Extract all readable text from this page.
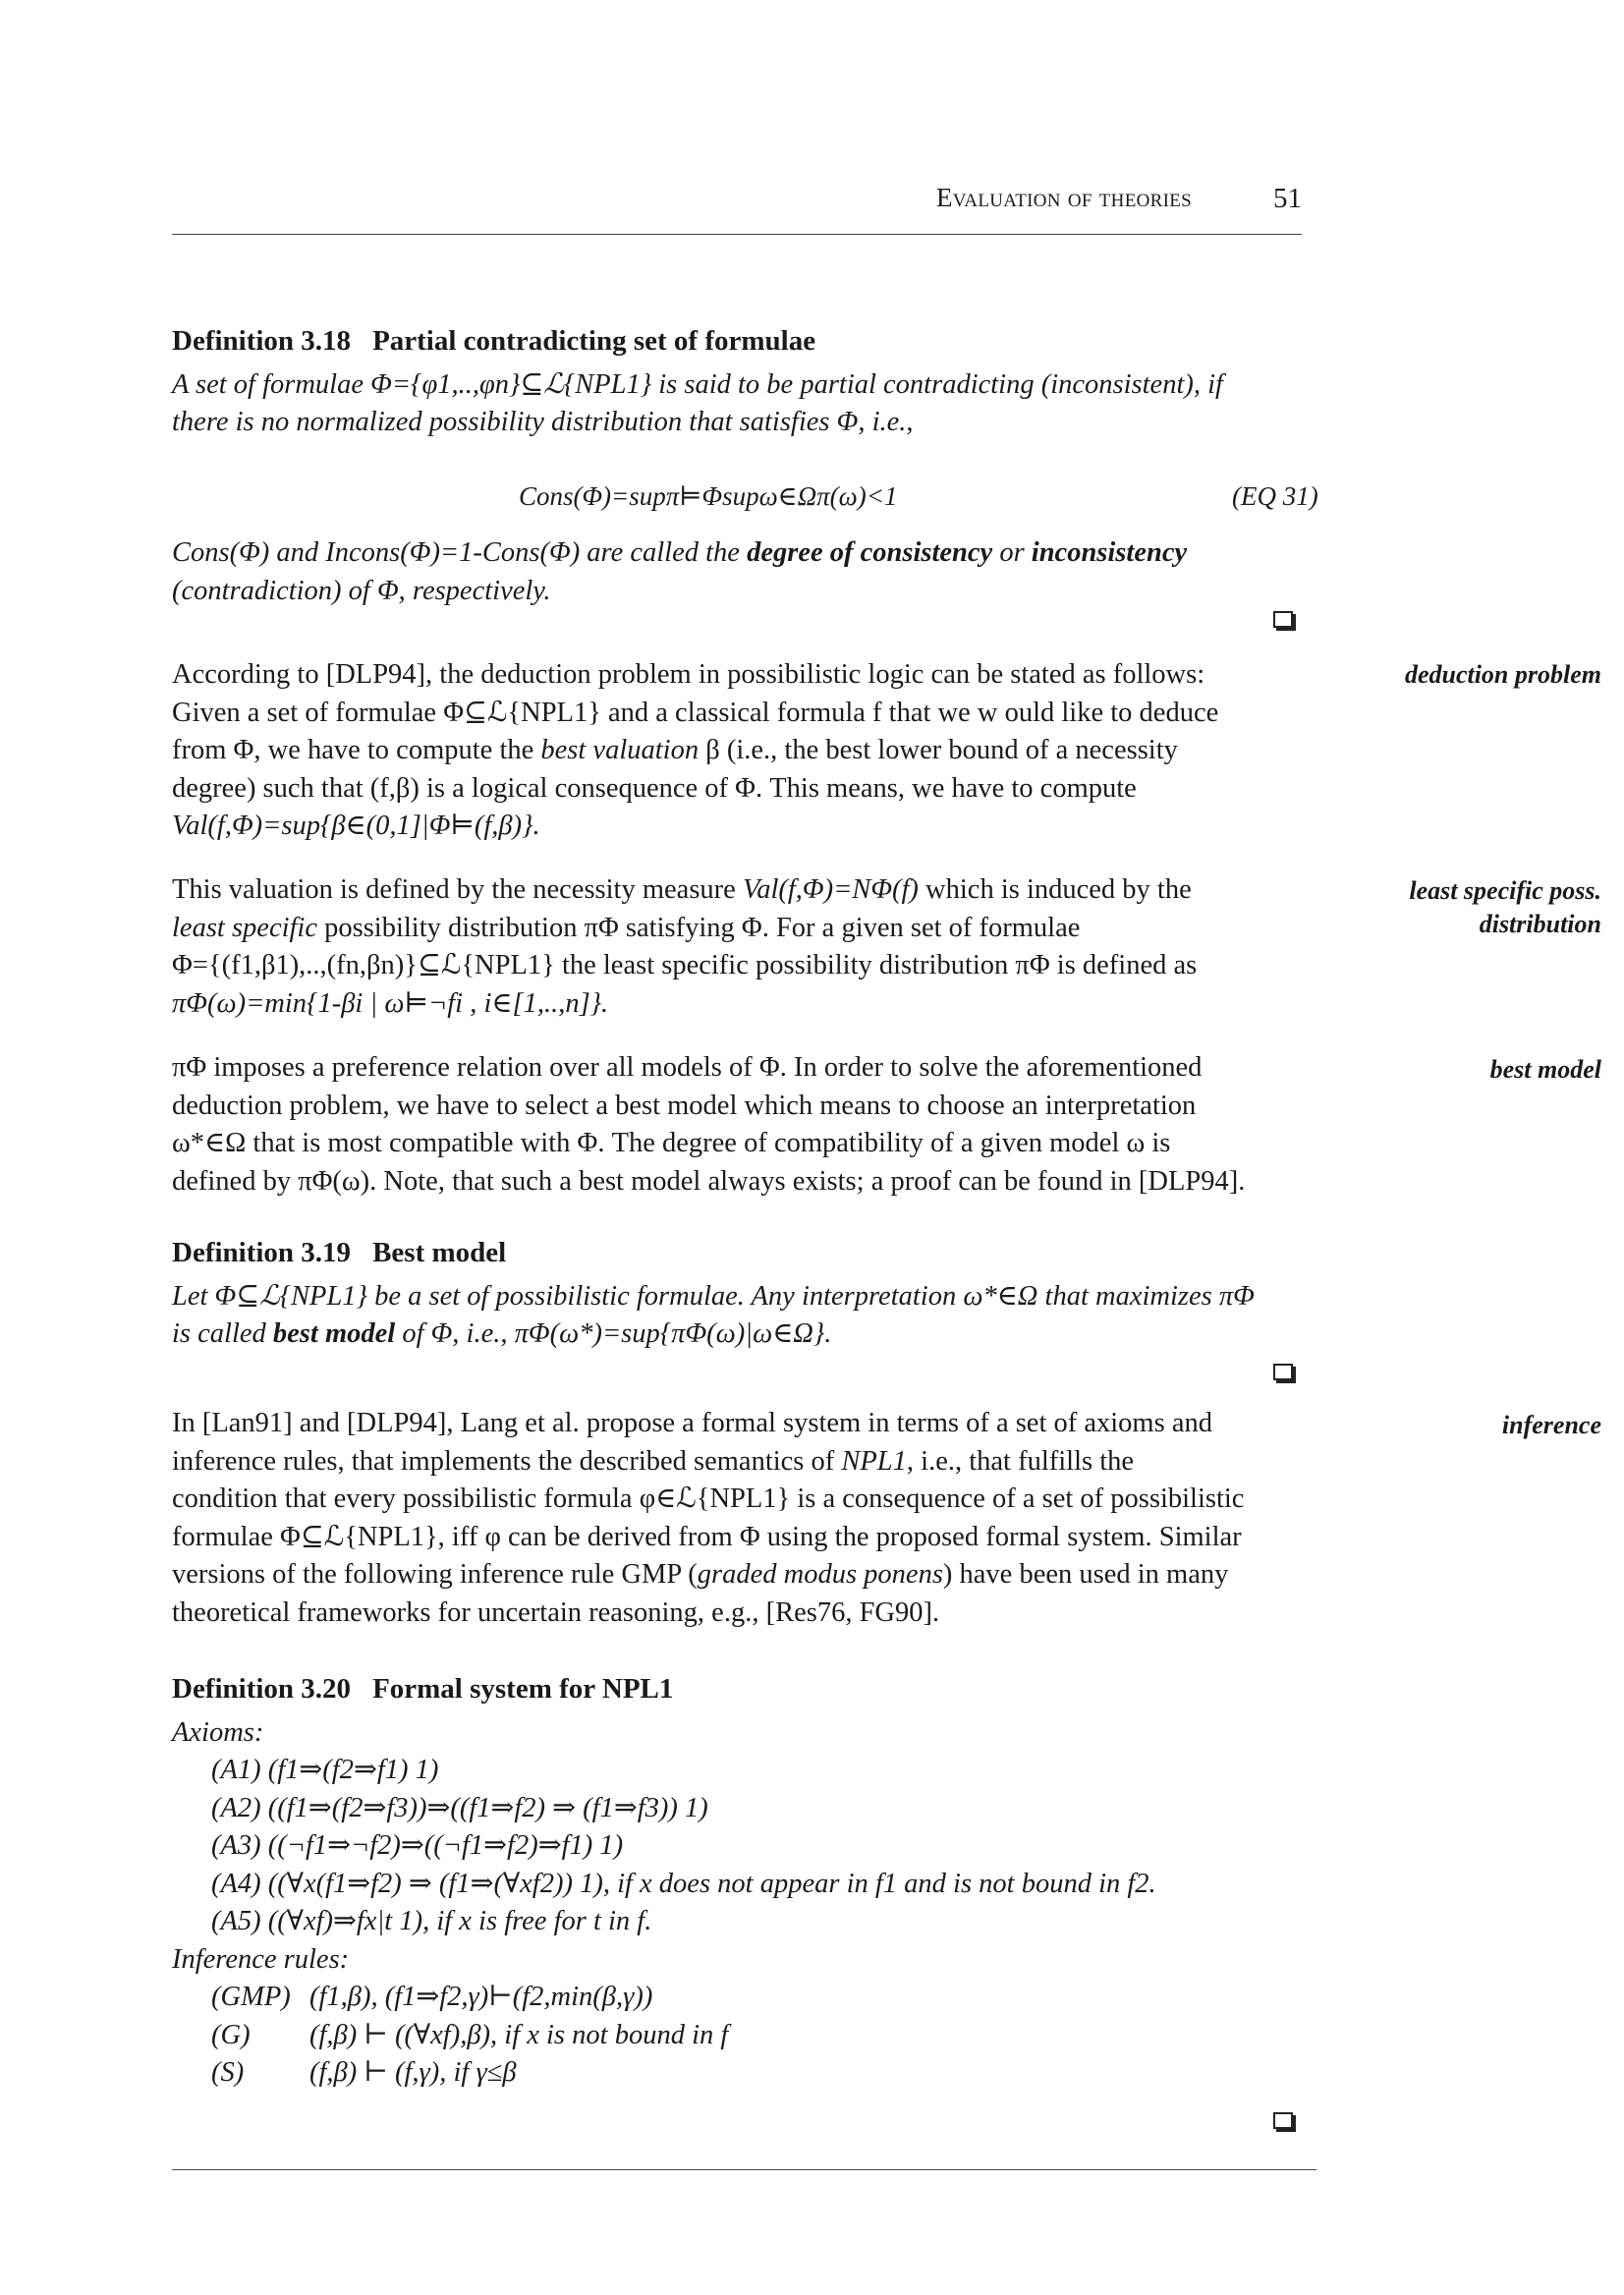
Evaluation of theories	51
Definition 3.18 Partial contradicting set of formulae
A set of formulae Φ={φ1,..,φn}⊆ℒ{NPL1} is said to be partial contradicting (inconsistent), if
there is no normalized possibility distribution that satisfies Φ, i.e.,
Cons(Φ)=supπ⊨Φsupω∈Ωπ(ω)<1	(EQ 31)
Cons(Φ) and Incons(Φ)=1-Cons(Φ) are called the degree of consistency or inconsistency
(contradiction) of Φ, respectively.
According to [DLP94], the deduction problem in possibilistic logic can be stated as follows:
Given a set of formulae Φ⊆ℒ{NPL1} and a classical formula f that we w ould like to deduce
from Φ, we have to compute the best valuation β (i.e., the best lower bound of a necessity
degree) such that (f,β) is a logical consequence of Φ. This means, we have to compute
Val(f,Φ)=sup{β∈(0,1]|Φ⊨(f,β)}.
deduction problem
This valuation is defined by the necessity measure Val(f,Φ)=NΦ(f) which is induced by the
least specific possibility distribution πΦ satisfying Φ. For a given set of formulae
Φ={(f1,β1),..,(fn,βn)}⊆ℒ{NPL1} the least specific possibility distribution πΦ is defined as
πΦ(ω)=min{1-βi | ω⊨¬fi , i∈[1,..,n]}.
least specific poss.
distribution
πΦ imposes a preference relation over all models of Φ. In order to solve the aforementioned
deduction problem, we have to select a best model which means to choose an interpretation
ω*∈Ω that is most compatible with Φ. The degree of compatibility of a given model ω is
defined by πΦ(ω). Note, that such a best model always exists; a proof can be found in [DLP94].
best model
Definition 3.19 Best model
Let Φ⊆ℒ{NPL1} be a set of possibilistic formulae. Any interpretation ω*∈Ω that maximizes πΦ
is called best model of Φ, i.e., πΦ(ω*)=sup{πΦ(ω)|ω∈Ω}.
In [Lan91] and [DLP94], Lang et al. propose a formal system in terms of a set of axioms and
inference rules, that implements the described semantics of NPL1, i.e., that fulfills the
condition that every possibilistic formula φ∈ℒ{NPL1} is a consequence of a set of possibilistic
formulae Φ⊆ℒ{NPL1}, iff φ can be derived from Φ using the proposed formal system. Similar
versions of the following inference rule GMP (graded modus ponens) have been used in many
theoretical frameworks for uncertain reasoning, e.g., [Res76, FG90].
inference
Definition 3.20 Formal system for NPL1
Axioms:
(A1) (f1⇒(f2⇒f1) 1)
(A2) ((f1⇒(f2⇒f3))⇒((f1⇒f2) ⇒ (f1⇒f3)) 1)
(A3) ((¬f1⇒¬f2)⇒((¬f1⇒f2)⇒f1) 1)
(A4) ((∀x(f1⇒f2) ⇒ (f1⇒(∀xf2)) 1), if x does not appear in f1 and is not bound in f2.
(A5) ((∀xf)⇒fx|t 1), if x is free for t in f.
Inference rules:
(GMP) (f1,β), (f1⇒f2,γ)⊢(f2,min(β,γ))
(G)	(f,β) ⊢ ((∀xf),β), if x is not bound in f
(S)	(f,β) ⊢ (f,γ), if γ≤β
